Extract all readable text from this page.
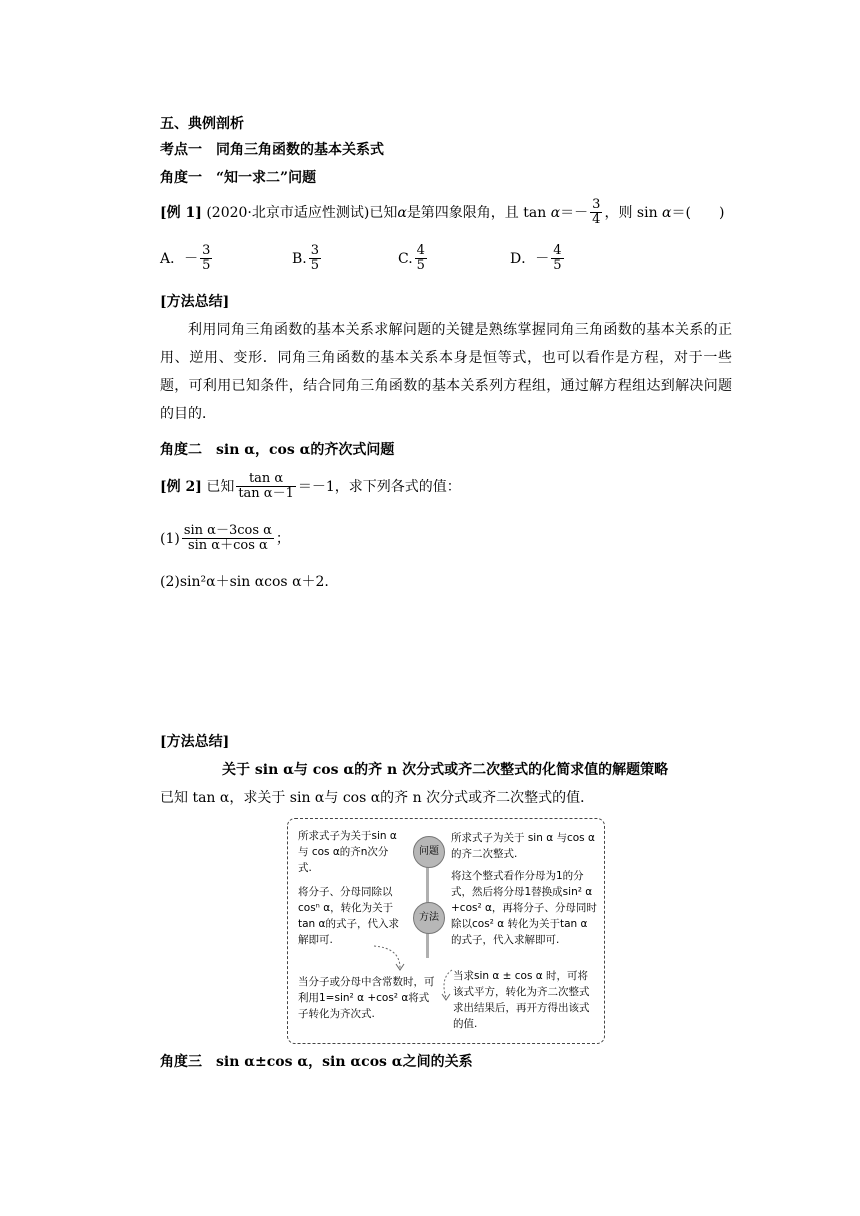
五、典例剖析
考点一　同角三角函数的基本关系式
角度一　“知一求二”问题
[例 1] (2020·北京市适应性测试)已知α是第四象限角，且 $\tan \alpha=- \frac{3}{4}$ ，则 sin α＝(　　)
A．－ $\frac{3}{5}$	B. $\frac{3}{5}$	C. $\frac{4}{5}$	D．－ $\frac{4}{5}$
[方法总结]
利用同角三角函数的基本关系求解问题的关键是熟练掌握同角三角函数的基本关系的正用、逆用、变形．同角三角函数的基本关系本身是恒等式，也可以看作是方程，对于一些题，可利用已知条件，结合同角三角函数的基本关系列方程组，通过解方程组达到解决问题的目的．
角度二　sin α，cos α的齐次式问题
[例 2] 已知 $\frac{\text{tan α}}{\text{tan α－1}} =-1$，求下列各式的值：
$(1) \frac{\text{sin α－3cos α}}{\text{sin α＋cos α}}$ ；
(2)sin²α＋sin αcos α＋2.
[方法总结]
关于 sin α与 cos α的齐 n 次分式或齐二次整式的化简求值的解题策略
已知 tan α，求关于 sin α与 cos α的齐 n 次分式或齐二次整式的值．
问题
方法
所求式子为关于sin α 与 cos α的齐n次分式.
将分子、分母同除以cosⁿ α，转化为关于tan α的式子，代入求解即可.
当分子或分母中含常数时，可利用1=sin² α +cos² α将式子转化为齐次式.
所求式子为关于 sin α 与cos α的齐二次整式.
将这个整式看作分母为1的分式，然后将分母1替换成sin² α +cos² α，再将分子、分母同时除以cos² α 转化为关于tan α 的式子，代入求解即可.
当求sin α ± cos α 时，可将该式平方，转化为齐二次整式求出结果后，再开方得出该式的值.
角度三　sin α±cos α，sin αcos α之间的关系
